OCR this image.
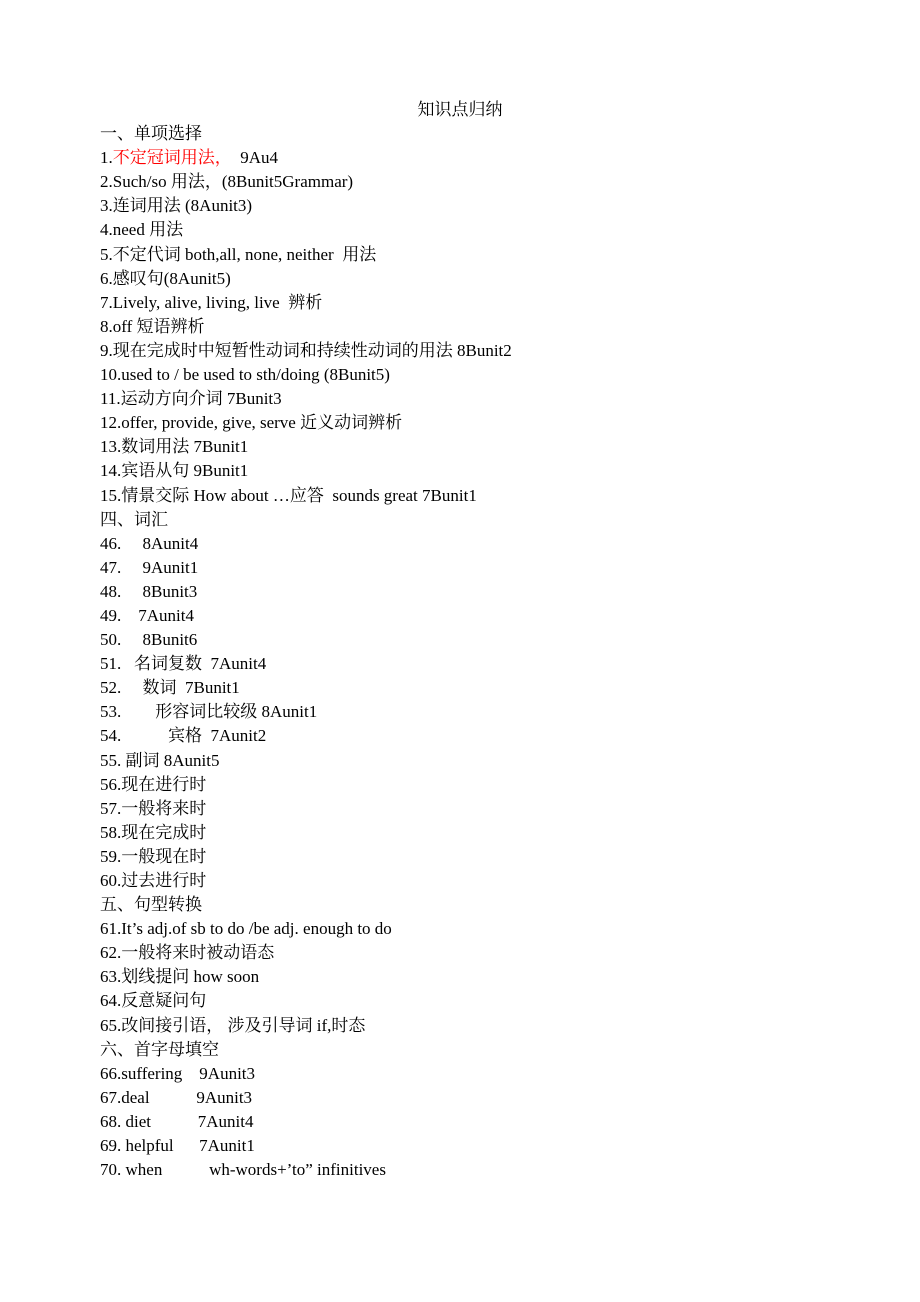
知识点归纳
一、单项选择
1.不定冠词用法，  9Au4
2.Such/so 用法，(8Bunit5Grammar)
3.连词用法 (8Aunit3)
4.need 用法
5.不定代词 both,all, none, neither  用法
6.感叹句(8Aunit5)
7.Lively, alive, living, live  辨析
8.off 短语辨析
9.现在完成时中短暂性动词和持续性动词的用法 8Bunit2
10.used to / be used to sth/doing (8Bunit5)
11.运动方向介词 7Bunit3
12.offer, provide, give, serve 近义动词辨析
13.数词用法 7Bunit1
14.宾语从句 9Bunit1
15.情景交际 How about …应答  sounds great 7Bunit1
四、词汇
46.     8Aunit4
47.     9Aunit1
48.     8Bunit3
49.    7Aunit4
50.     8Bunit6
51.   名词复数  7Aunit4
52.     数词  7Bunit1
53.        形容词比较级 8Aunit1
54.           宾格  7Aunit2
55. 副词 8Aunit5
56.现在进行时
57.一般将来时
58.现在完成时
59.一般现在时
60.过去进行时
五、句型转换
61.It’s adj.of sb to do /be adj. enough to do
62.一般将来时被动语态
63.划线提问 how soon
64.反意疑问句
65.改间接引语， 涉及引导词 if,时态
六、首字母填空
66.suffering    9Aunit3
67.deal           9Aunit3
68. diet           7Aunit4
69. helpful      7Aunit1
70. when           wh-words+’to” infinitives
